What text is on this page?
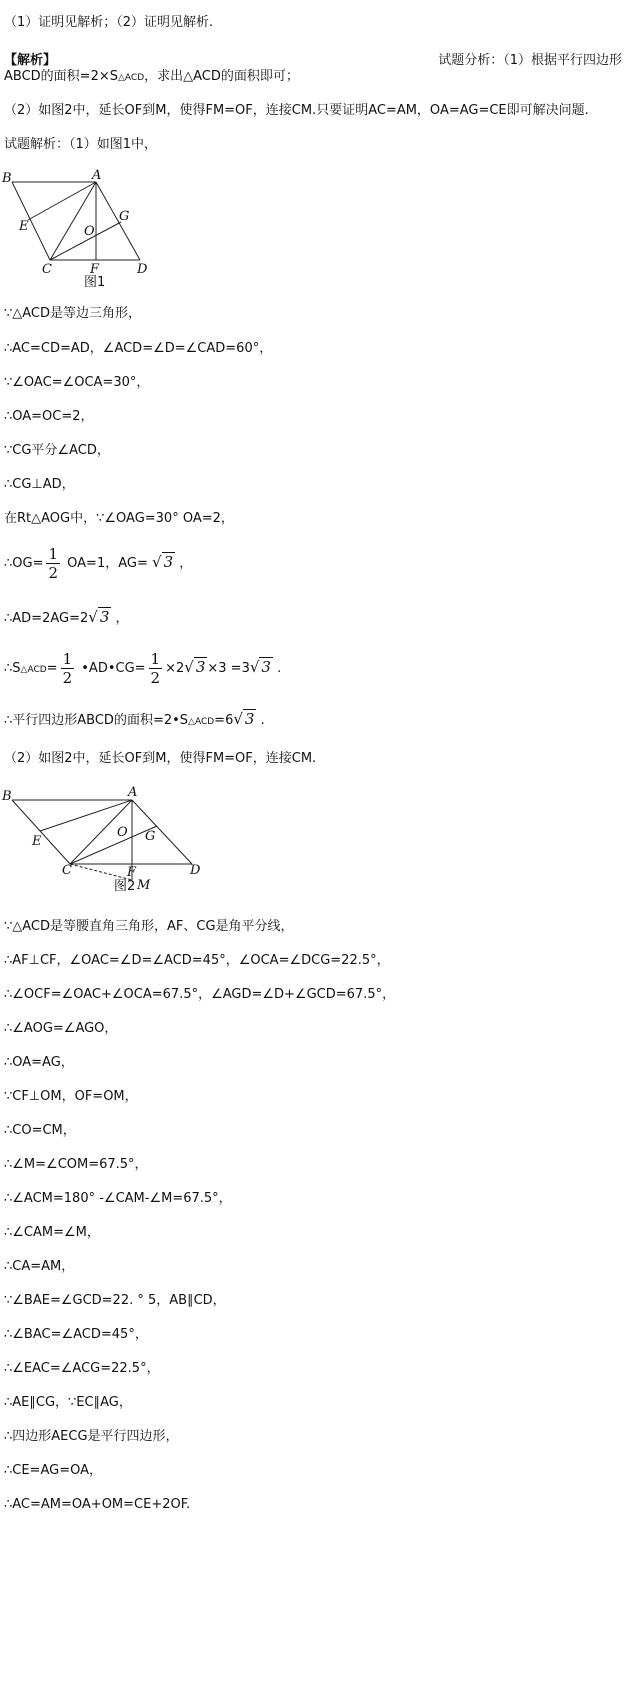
（1）证明见解析；（2）证明见解析.
【解析】	试题分析：（1）根据平行四边形
ABCD的面积=2×S△ACD，求出△ACD的面积即可；
（2）如图2中，延长OF到M，使得FM=OF，连接CM.只要证明AC=AM，OA=AG=CE即可解决问题.
试题解析：（1）如图1中，
B	A
E
G
O
C	F	D
图1
∵△ACD是等边三角形，
∴AC=CD=AD，∠ACD=∠D=∠CAD=60°，
∵∠OAC=∠OCA=30°，
∴OA=OC=2，
∵CG平分∠ACD，
∴CG⊥AD，
在Rt△AOG中，∵∠OAG=30° OA=2，
∴OG= $\frac{1}{2} OA=1$，AG= √ 3 ，
∴AD=2AG=2√ 3 ，
∴S△ACD= $\frac{1}{2}$ •AD•CG= $\frac{1}{2} \times 2√$ 3 ×3 =3√ 3 .
∴平行四边形ABCD的面积=2•S△ACD=6√ 3 .
（2）如图2中，延长OF到M，使得FM=OF，连接CM.
B	A
E	G
O
C	F	D
M
图2
∵△ACD是等腰直角三角形，AF、CG是角平分线，
∴AF⊥CF，∠OAC=∠D=∠ACD=45°，∠OCA=∠DCG=22.5°，
∴∠OCF=∠OAC+∠OCA=67.5°，∠AGD=∠D+∠GCD=67.5°，
∴∠AOG=∠AGO，
∴OA=AG，
∵CF⊥OM，OF=OM，
∴CO=CM，
∴∠M=∠COM=67.5°，
∴∠ACM=180° -∠CAM-∠M=67.5°，
∴∠CAM=∠M，
∴CA=AM，
∵∠BAE=∠GCD=22. ° 5，AB∥CD，
∴∠BAC=∠ACD=45°，
∴∠EAC=∠ACG=22.5°，
∴AE∥CG，∵EC∥AG，
∴四边形AECG是平行四边形，
∴CE=AG=OA，
∴AC=AM=OA+OM=CE+2OF.
